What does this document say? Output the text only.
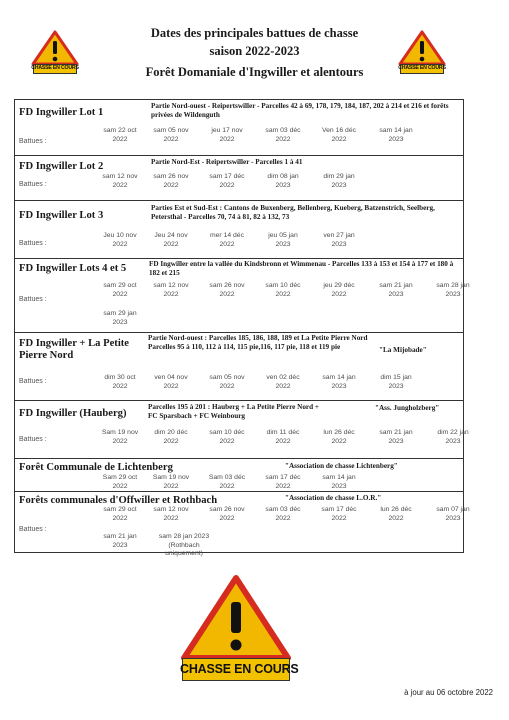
Dates des principales battues de chasse
saison 2022-2023
Forêt Domaniale d'Ingwiller et alentours
CHASSE EN COURS	CHASSE EN COURS
FD Ingwiller Lot 1
Partie Nord-ouest - Reipertswiller - Parcelles 42 à 69, 178, 179, 184, 187, 202 à 214 et 216 et forêts privées de Wildenguth
Battues :
sam 22 oct
2022
sam 05 nov
2022
jeu 17 nov
2022
sam 03 déc
2022
Ven 16 déc
2022
sam 14 jan
2023
FD Ingwiller Lot 2	Partie Nord-Est - Reipertswiller - Parcelles 1 à 41
Battues :
sam 12 nov
2022
sam 26 nov
2022
sam 17 déc
2022
dim 08 jan
2023
dim 29 jan
2023
FD Ingwiller Lot 3
Parties Est et Sud-Est : Cantons de Buxenberg, Bellenberg, Kueberg, Batzenstrich, Seelberg, Petersthal - Parcelles 70, 74 à 81, 82 à 132, 73
Battues :
Jeu 10 nov
2022
Jeu 24 nov
2022
mer 14 déc
2022
jeu 05 jan
2023
ven 27 jan
2023
FD Ingwiller Lots 4 et 5	FD Ingwiller entre la vallée du Kindsbronn et Wimmenau - Parcelles 133 à 153 et 154 à 177 et 180 à 182 et 215
Battues :
sam 29 oct
2022
sam 12 nov
2022
sam 26 nov
2022
sam 10 déc
2022
jeu 29 déc
2022
sam 21 jan
2023
sam 28 jan
2023
sam 29 jan
2023
FD Ingwiller + La Petite Pierre Nord
Partie Nord-ouest : Parcelles 185, 186, 188, 189 et La Petite Pierre Nord Parcelles 95 à 110, 112 à 114, 115 pie,116, 117 pie, 118 et 119 pie	"La Mijobade"
Battues :
dim 30 oct
2022
ven 04 nov
2022
sam 05 nov
2022
ven 02 déc
2022
sam 14 jan
2023
dim 15 jan
2023
FD Ingwiller (Hauberg)
Parcelles 195 à 201 : Hauberg + La Petite Pierre Nord + FC Sparsbach + FC Weinbourg
"Ass. Jungholzberg"
Battues :
Sam 19 nov
2022
dim 20 déc
2022
sam 10 déc
2022
dim 11 déc
2022
lun 26 déc
2022
sam 21 jan
2023
dim 22 jan
2023
Forêt Communale de Lichtenberg	"Association de chasse Lichtenberg"
Sam 29 oct
2022
Sam 19 nov
2022
Sam 03 déc
2022
sam 17 déc
2022
sam 14 jan
2023
Forêts communales d'Offwiller et Rothbach	"Association de chasse L.O.R."
Battues :
sam 29 oct
2022
sam 12 nov
2022
sam 26 nov
2022
sam 03 déc
2022
sam 17 déc
2022
lun 26 déc
2022
sam 07 jan
2023
sam 21 jan
2023
sam 28 jan 2023 (Rothbach
uniquement)
CHASSE EN COURS
à jour au 06 octobre 2022
